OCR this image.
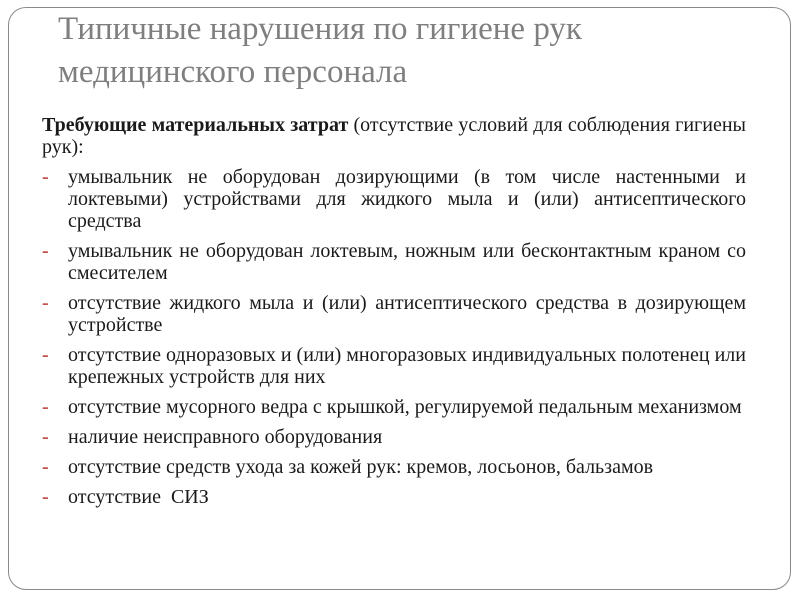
Типичные нарушения по гигиене рук
медицинского персонала

Требующие материальных затрат (отсутствие условий для соблюдения гигиены рук):

- умывальник не оборудован дозирующими (в том числе настенными и локтевыми) устройствами для жидкого мыла и (или) антисептического средства
- умывальник не оборудован локтевым, ножным или бесконтактным краном со смесителем
- отсутствие жидкого мыла и (или) антисептического средства в дозирующем устройстве
- отсутствие одноразовых и (или) многоразовых индивидуальных полотенец или крепежных устройств для них
- отсутствие мусорного ведра с крышкой, регулируемой педальным механизмом
- наличие неисправного оборудования
- отсутствие средств ухода за кожей рук: кремов, лосьонов, бальзамов
- отсутствие  СИЗ
